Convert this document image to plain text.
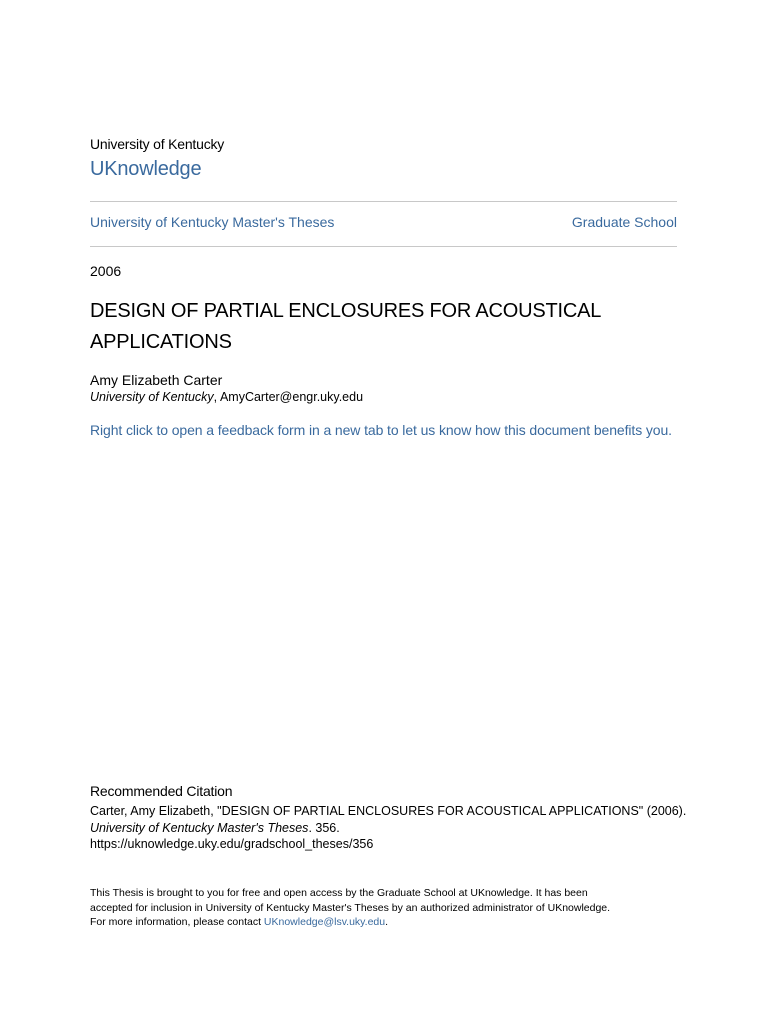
University of Kentucky
UKnowledge
University of Kentucky Master's Theses	Graduate School
2006
DESIGN OF PARTIAL ENCLOSURES FOR ACOUSTICAL APPLICATIONS
Amy Elizabeth Carter
University of Kentucky, AmyCarter@engr.uky.edu
Right click to open a feedback form in a new tab to let us know how this document benefits you.
Recommended Citation
Carter, Amy Elizabeth, "DESIGN OF PARTIAL ENCLOSURES FOR ACOUSTICAL APPLICATIONS" (2006).
University of Kentucky Master's Theses. 356.
https://uknowledge.uky.edu/gradschool_theses/356
This Thesis is brought to you for free and open access by the Graduate School at UKnowledge. It has been
accepted for inclusion in University of Kentucky Master's Theses by an authorized administrator of UKnowledge.
For more information, please contact UKnowledge@lsv.uky.edu.
